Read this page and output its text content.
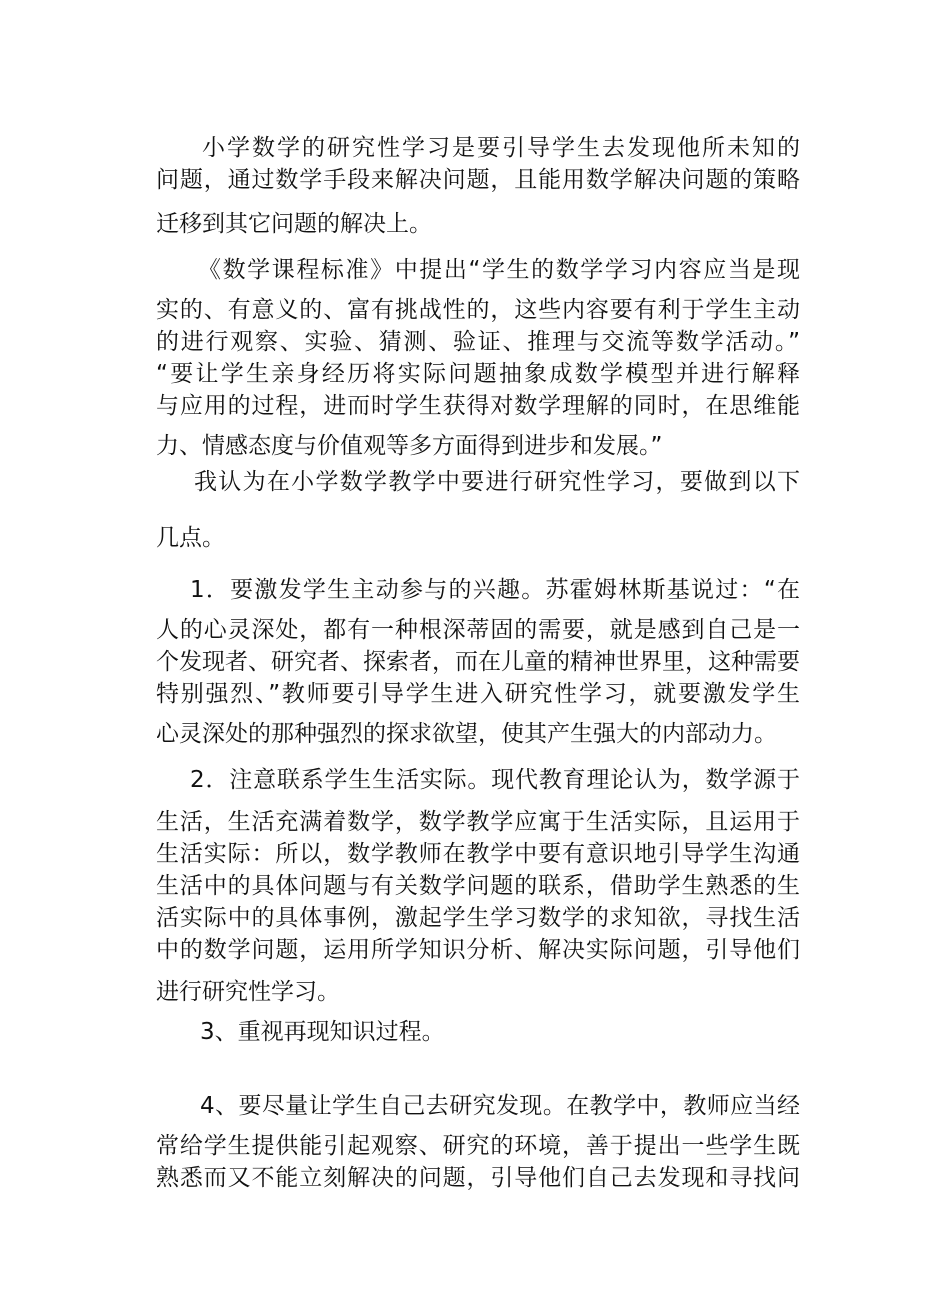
小学数学的研究性学习是要引导学生去发现他所未知的
问题，通过数学手段来解决问题，且能用数学解决问题的策略
迁移到其它问题的解决上。
《数学课程标准》中提出“学生的数学学习内容应当是现
实的、有意义的、富有挑战性的，这些内容要有利于学生主动
的进行观察、实验、猜测、验证、推理与交流等数学活动。”
“要让学生亲身经历将实际问题抽象成数学模型并进行解释
与应用的过程，进而时学生获得对数学理解的同时，在思维能
力、情感态度与价值观等多方面得到进步和发展。”
我认为在小学数学教学中要进行研究性学习，要做到以下
几点。
1．要激发学生主动参与的兴趣。苏霍姆林斯基说过：“在
人的心灵深处，都有一种根深蒂固的需要，就是感到自己是一
个发现者、研究者、探索者，而在儿童的精神世界里，这种需要
特别强烈、”教师要引导学生进入研究性学习，就要激发学生
心灵深处的那种强烈的探求欲望，使其产生强大的内部动力。
2．注意联系学生生活实际。现代教育理论认为，数学源于
生活，生活充满着数学，数学教学应寓于生活实际，且运用于
生活实际：所以，数学教师在教学中要有意识地引导学生沟通
生活中的具体问题与有关数学问题的联系，借助学生熟悉的生
活实际中的具体事例，激起学生学习数学的求知欲，寻找生活
中的数学问题，运用所学知识分析、解决实际问题，引导他们
进行研究性学习。
3、重视再现知识过程。
4、要尽量让学生自己去研究发现。在教学中，教师应当经
常给学生提供能引起观察、研究的环境，善于提出一些学生既
熟悉而又不能立刻解决的问题，引导他们自己去发现和寻找问
